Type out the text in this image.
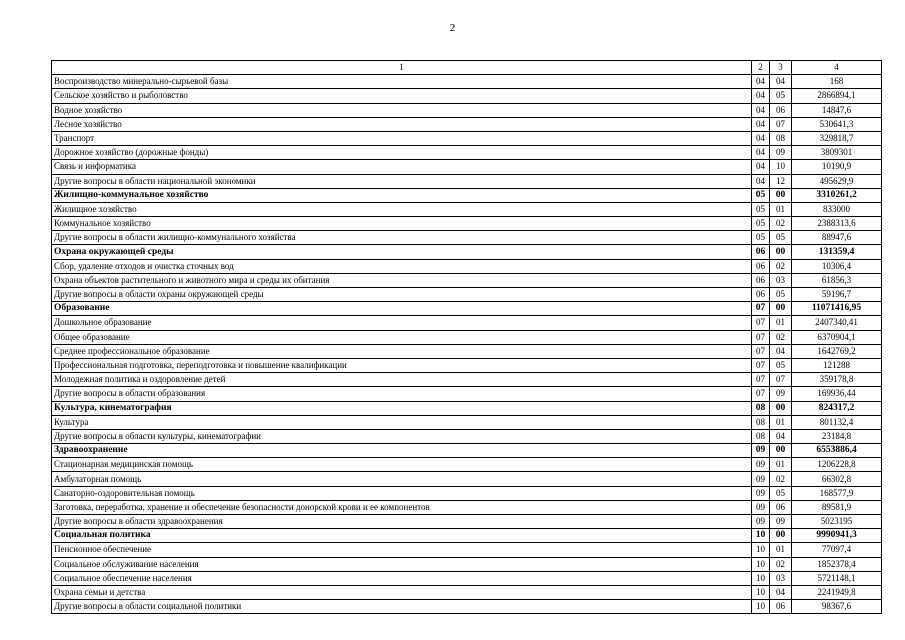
2
1	2	3	4
Воспроизводство минерально-сырьевой базы	04	04	168
Сельское хозяйство и рыболовство	04	05	2866894,1
Водное хозяйство	04	06	14847,6
Лесное хозяйство	04	07	530641,3
Транспорт	04	08	329818,7
Дорожное хозяйство (дорожные фонды)	04	09	3809301
Связь и информатика	04	10	10190,9
Другие вопросы в области национальной экономики	04	12	495629,9
Жилищно-коммунальное хозяйство	05	00	3310261,2
Жилищное хозяйство	05	01	833000
Коммунальное хозяйство	05	02	2388313,6
Другие вопросы в области жилищно-коммунального хозяйства	05	05	88947,6
Охрана окружающей среды	06	00	131359,4
Сбор, удаление отходов и очистка сточных вод	06	02	10306,4
Охрана объектов растительного и животного мира и среды их обитания	06	03	61856,3
Другие вопросы в области охраны окружающей среды	06	05	59196,7
Образование	07	00	11071416,95
Дошкольное образование	07	01	2407340,41
Общее образование	07	02	6370904,1
Среднее профессиональное образование	07	04	1642769,2
Профессиональная подготовка, переподготовка и повышение квалификации	07	05	121288
Молодежная политика и оздоровление детей	07	07	359178,8
Другие вопросы в области образования	07	09	169936,44
Культура, кинематография	08	00	824317,2
Культура	08	01	801132,4
Другие вопросы в области культуры, кинематографии	08	04	23184,8
Здравоохранение	09	00	6553886,4
Стационарная медицинская помощь	09	01	1206228,8
Амбулаторная помощь	09	02	66302,8
Санаторно-оздоровительная помощь	09	05	168577,9
Заготовка, переработка, хранение и обеспечение безопасности донорской крови и ее компонентов	09	06	89581,9
Другие вопросы в области здравоохранения	09	09	5023195
Социальная политика	10	00	9990941,3
Пенсионное обеспечение	10	01	77097,4
Социальное обслуживание населения	10	02	1852378,4
Социальное обеспечение населения	10	03	5721148,1
Охрана семьи и детства	10	04	2241949,8
Другие вопросы в области социальной политики	10	06	98367,6
